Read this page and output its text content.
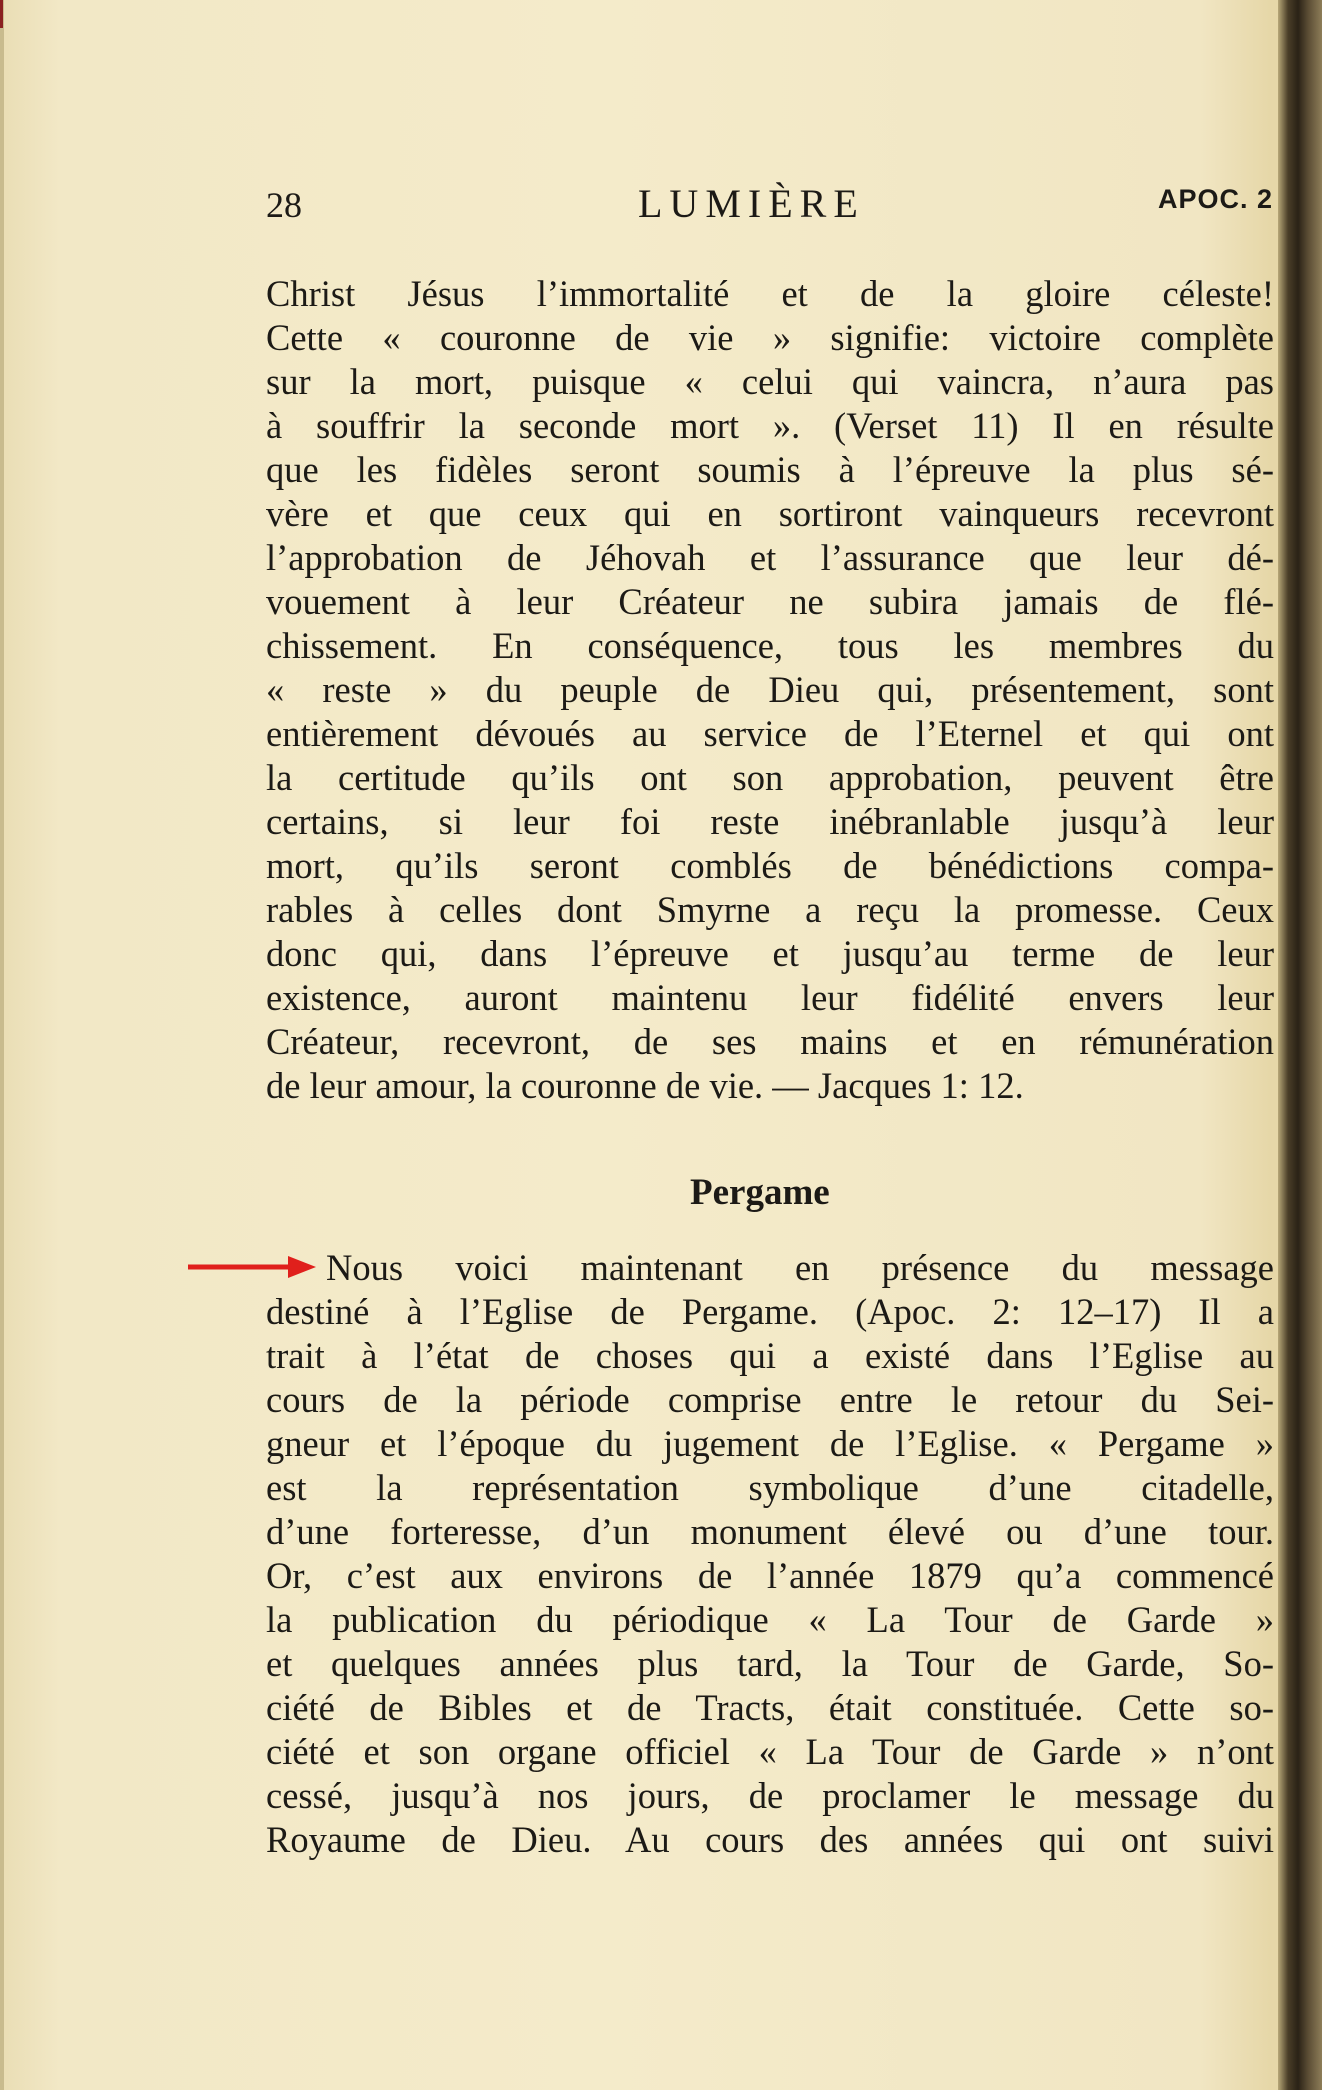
28	LUMIÈRE	APOC. 2
Christ Jésus l’immortalité et de la gloire céleste!
Cette « couronne de vie » signifie: victoire complète
sur la mort, puisque « celui qui vaincra, n’aura pas
à souffrir la seconde mort ». (Verset 11) Il en résulte
que les fidèles seront soumis à l’épreuve la plus sé-
vère et que ceux qui en sortiront vainqueurs recevront
l’approbation de Jéhovah et l’assurance que leur dé-
vouement à leur Créateur ne subira jamais de flé-
chissement. En conséquence, tous les membres du
« reste » du peuple de Dieu qui, présentement, sont
entièrement dévoués au service de l’Eternel et qui ont
la certitude qu’ils ont son approbation, peuvent être
certains, si leur foi reste inébranlable jusqu’à leur
mort, qu’ils seront comblés de bénédictions compa-
rables à celles dont Smyrne a reçu la promesse. Ceux
donc qui, dans l’épreuve et jusqu’au terme de leur
existence, auront maintenu leur fidélité envers leur
Créateur, recevront, de ses mains et en rémunération
de leur amour, la couronne de vie. — Jacques 1: 12.
Pergame
Nous voici maintenant en présence du message
destiné à l’Eglise de Pergame. (Apoc. 2: 12–17) Il a
trait à l’état de choses qui a existé dans l’Eglise au
cours de la période comprise entre le retour du Sei-
gneur et l’époque du jugement de l’Eglise. « Pergame »
est la représentation symbolique d’une citadelle,
d’une forteresse, d’un monument élevé ou d’une tour.
Or, c’est aux environs de l’année 1879 qu’a commencé
la publication du périodique « La Tour de Garde »
et quelques années plus tard, la Tour de Garde, So-
ciété de Bibles et de Tracts, était constituée. Cette so-
ciété et son organe officiel « La Tour de Garde » n’ont
cessé, jusqu’à nos jours, de proclamer le message du
Royaume de Dieu. Au cours des années qui ont suivi
